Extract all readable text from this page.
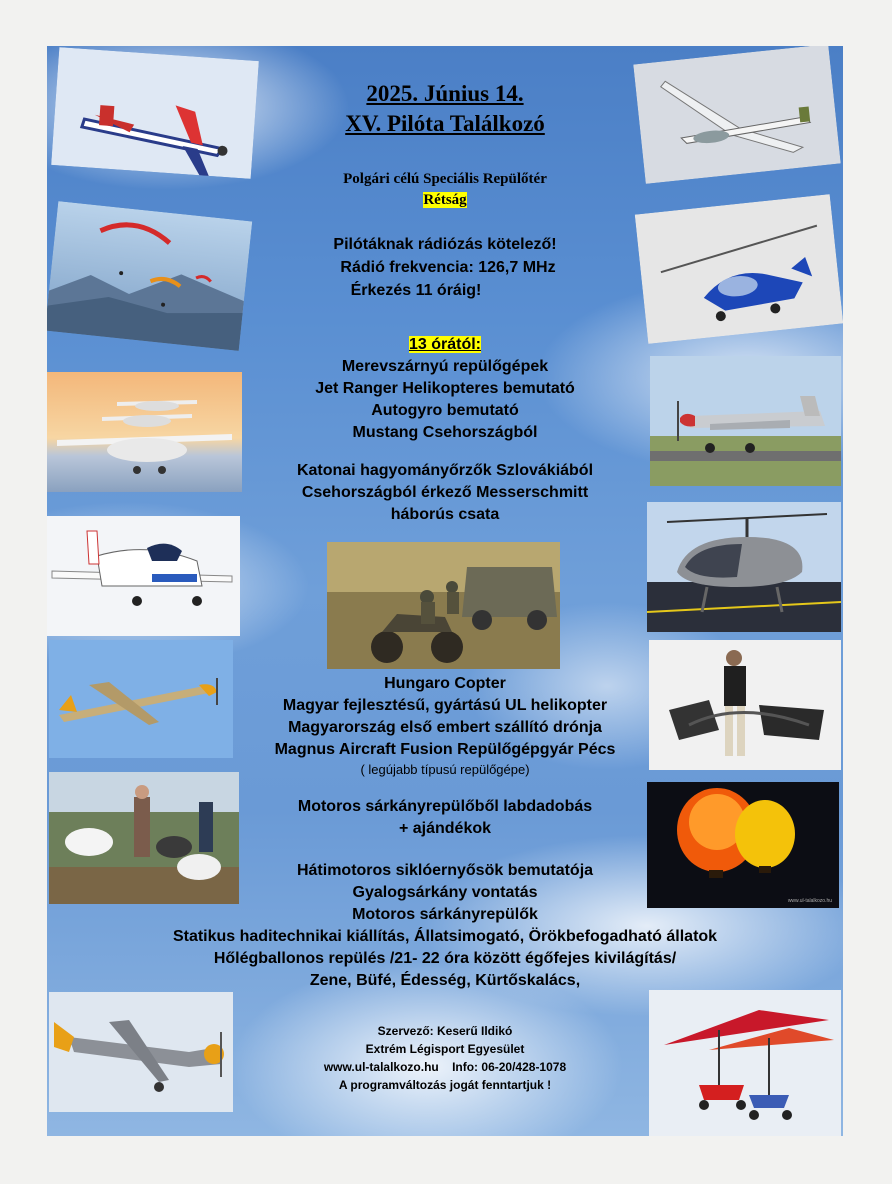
www.ul-talalkozo.hu
2025. Június 14.
XV. Pilóta Találkozó
Polgári célú Speciális Repülőtér
Rétság
Pilótáknak rádiózás kötelező!
Rádió frekvencia: 126,7 MHz
Érkezés 11 óráig!
13 órától:
Merevszárnyú repülőgépek
Jet Ranger Helikopteres bemutató
Autogyro bemutató
Mustang Csehországból
Katonai hagyományőrzők Szlovákiából
Csehországból érkező Messerschmitt
háborús csata
Hungaro Copter
Magyar fejlesztésű, gyártású UL helikopter
Magyarország első embert szállító drónja
Magnus Aircraft Fusion Repülőgépgyár Pécs
( legújabb típusú repülőgépe)
Motoros sárkányrepülőből labdadobás
+ ajándékok
Hátimotoros siklóernyősök bemutatója
Gyalogsárkány vontatás
Motoros sárkányrepülők
Statikus haditechnikai kiállítás, Állatsimogató, Örökbefogadható állatok
Hőlégballonos repülés /21- 22 óra között égőfejes kivilágítás/
Zene, Büfé, Édesség, Kürtőskalács,
Szervező: Keserű Ildikó
Extrém Légisport Egyesület
www.ul-talalkozo.hu    Info: 06-20/428-1078
A programváltozás jogát fenntartjuk !
